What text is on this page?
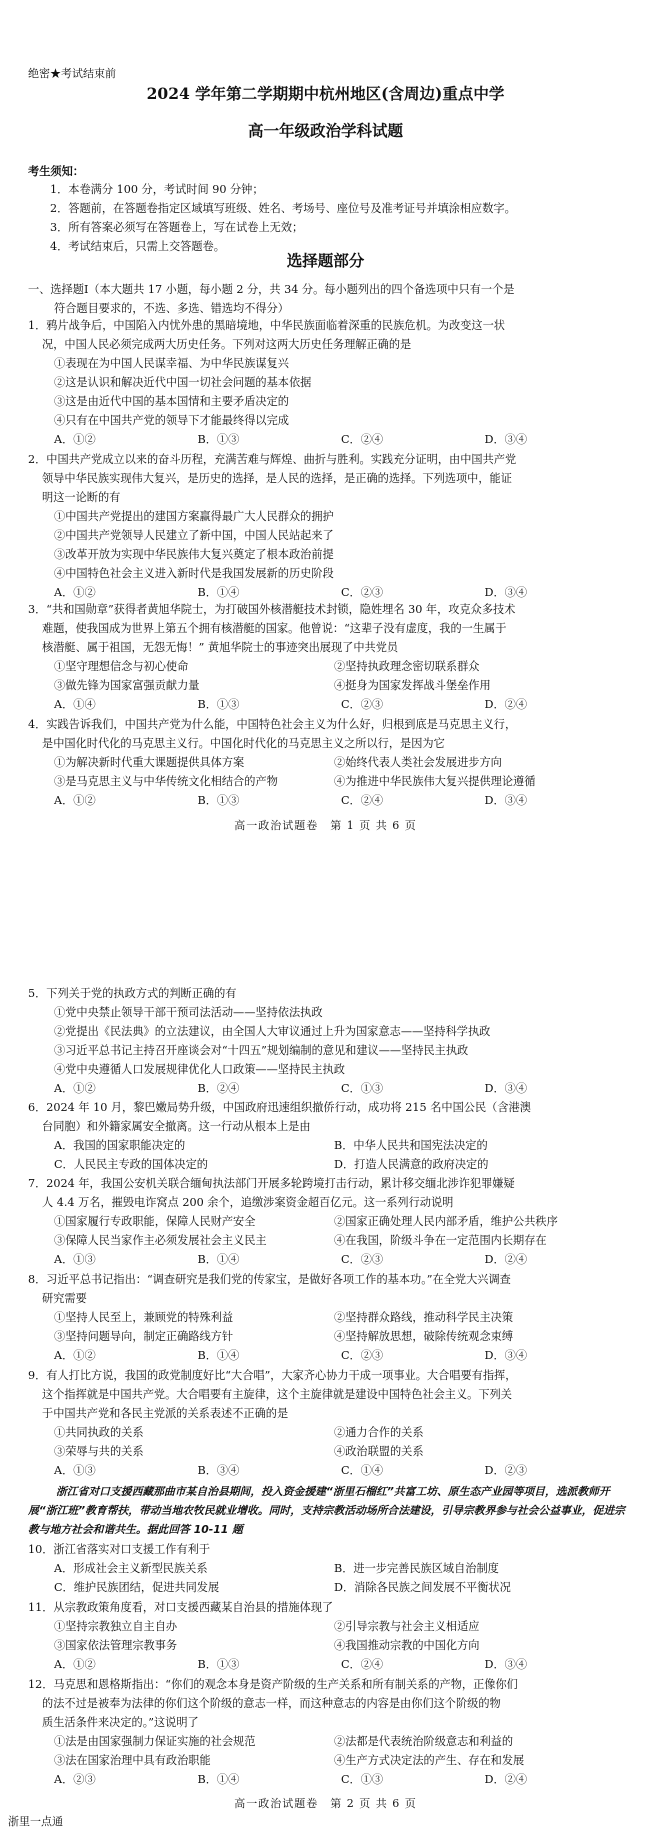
绝密★考试结束前
2024 学年第二学期期中杭州地区(含周边)重点中学
高一年级政治学科试题
考生须知：
1．本卷满分 100 分，考试时间 90 分钟；
2．答题前，在答题卷指定区域填写班级、姓名、考场号、座位号及准考证号并填涂相应数字。
3．所有答案必须写在答题卷上，写在试卷上无效；
4．考试结束后，只需上交答题卷。
选择题部分
一、选择题Ⅰ（本大题共 17 小题，每小题 2 分，共 34 分。每小题列出的四个备选项中只有一个是
符合题目要求的，不选、多选、错选均不得分）
1．鸦片战争后，中国陷入内忧外患的黑暗境地，中华民族面临着深重的民族危机。为改变这一状
况，中国人民必须完成两大历史任务。下列对这两大历史任务理解正确的是
①表现在为中国人民谋幸福、为中华民族谋复兴
②这是认识和解决近代中国一切社会问题的基本依据
③这是由近代中国的基本国情和主要矛盾决定的
④只有在中国共产党的领导下才能最终得以完成
A．①②	B．①③	C．②④	D．③④
2．中国共产党成立以来的奋斗历程，充满苦难与辉煌、曲折与胜利。实践充分证明，由中国共产党
领导中华民族实现伟大复兴，是历史的选择，是人民的选择，是正确的选择。下列选项中，能证
明这一论断的有
①中国共产党提出的建国方案赢得最广大人民群众的拥护
②中国共产党领导人民建立了新中国，中国人民站起来了
③改革开放为实现中华民族伟大复兴奠定了根本政治前提
④中国特色社会主义进入新时代是我国发展新的历史阶段
A．①②	B．①④	C．②③	D．③④
3．“共和国勋章”获得者黄旭华院士，为打破国外核潜艇技术封锁，隐姓埋名 30 年，攻克众多技术
难题，使我国成为世界上第五个拥有核潜艇的国家。他曾说：“这辈子没有虚度，我的一生属于
核潜艇、属于祖国，无怨无悔！” 黄旭华院士的事迹突出展现了中共党员
①坚守理想信念与初心使命	②坚持执政理念密切联系群众
③做先锋为国家富强贡献力量	④挺身为国家发挥战斗堡垒作用
A．①④	B．①③	C．②③	D．②④
4．实践告诉我们，中国共产党为什么能，中国特色社会主义为什么好，归根到底是马克思主义行，
是中国化时代化的马克思主义行。中国化时代化的马克思主义之所以行，是因为它
①为解决新时代重大课题提供具体方案	②始终代表人类社会发展进步方向
③是马克思主义与中华传统文化相结合的产物	④为推进中华民族伟大复兴提供理论遵循
A．①②	B．①③	C．②④	D．③④
高一政治试题卷　第 1 页 共 6 页
5．下列关于党的执政方式的判断正确的有
①党中央禁止领导干部干预司法活动——坚持依法执政
②党提出《民法典》的立法建议，由全国人大审议通过上升为国家意志——坚持科学执政
③习近平总书记主持召开座谈会对“十四五”规划编制的意见和建议——坚持民主执政
④党中央遵循人口发展规律优化人口政策——坚持民主执政
A．①②	B．②④	C．①③	D．③④
6．2024 年 10 月，黎巴嫩局势升级，中国政府迅速组织撤侨行动，成功将 215 名中国公民（含港澳
台同胞）和外籍家属安全撤离。这一行动从根本上是由
A．我国的国家职能决定的	B．中华人民共和国宪法决定的
C．人民民主专政的国体决定的	D．打造人民满意的政府决定的
7．2024 年，我国公安机关联合缅甸执法部门开展多轮跨境打击行动，累计移交缅北涉诈犯罪嫌疑
人 4.4 万名，摧毁电诈窝点 200 余个，追缴涉案资金超百亿元。这一系列行动说明
①国家履行专政职能，保障人民财产安全	②国家正确处理人民内部矛盾，维护公共秩序
③保障人民当家作主必须发展社会主义民主	④在我国，阶级斗争在一定范围内长期存在
A．①③	B．①④	C．②③	D．②④
8．习近平总书记指出：“调查研究是我们党的传家宝，是做好各项工作的基本功。”在全党大兴调查
研究需要
①坚持人民至上，兼顾党的特殊利益	②坚持群众路线，推动科学民主决策
③坚持问题导向，制定正确路线方针	④坚持解放思想，破除传统观念束缚
A．①②	B．①④	C．②③	D．③④
9．有人打比方说，我国的政党制度好比“大合唱”，大家齐心协力干成一项事业。大合唱要有指挥，
这个指挥就是中国共产党。大合唱要有主旋律，这个主旋律就是建设中国特色社会主义。下列关
于中国共产党和各民主党派的关系表述不正确的是
①共同执政的关系	②通力合作的关系
③荣辱与共的关系	④政治联盟的关系
A．①③	B．③④	C．①④	D．②③
浙江省对口支援西藏那曲市某自治县期间，投入资金援建“浙里石榴红”共富工坊、原生态产业园等项目，选派教师开展“浙江班”教育帮扶，带动当地农牧民就业增收。同时，支持宗教活动场所合法建设，引导宗教界参与社会公益事业，促进宗教与地方社会和谐共生。据此回答 10-11 题
10．浙江省落实对口支援工作有利于
A．形成社会主义新型民族关系	B．进一步完善民族区域自治制度
C．维护民族团结，促进共同发展	D．消除各民族之间发展不平衡状况
11．从宗教政策角度看，对口支援西藏某自治县的措施体现了
①坚持宗教独立自主自办	②引导宗教与社会主义相适应
③国家依法管理宗教事务	④我国推动宗教的中国化方向
A．①②	B．①③	C．②④	D．③④
12．马克思和恩格斯指出：“你们的观念本身是资产阶级的生产关系和所有制关系的产物，正像你们
的法不过是被奉为法律的你们这个阶级的意志一样，而这种意志的内容是由你们这个阶级的物
质生活条件来决定的。”这说明了
①法是由国家强制力保证实施的社会规范	②法都是代表统治阶级意志和利益的
③法在国家治理中具有政治职能	④生产方式决定法的产生、存在和发展
A．②③	B．①④	C．①③	D．②④
高一政治试题卷　第 2 页 共 6 页
浙里一点通
